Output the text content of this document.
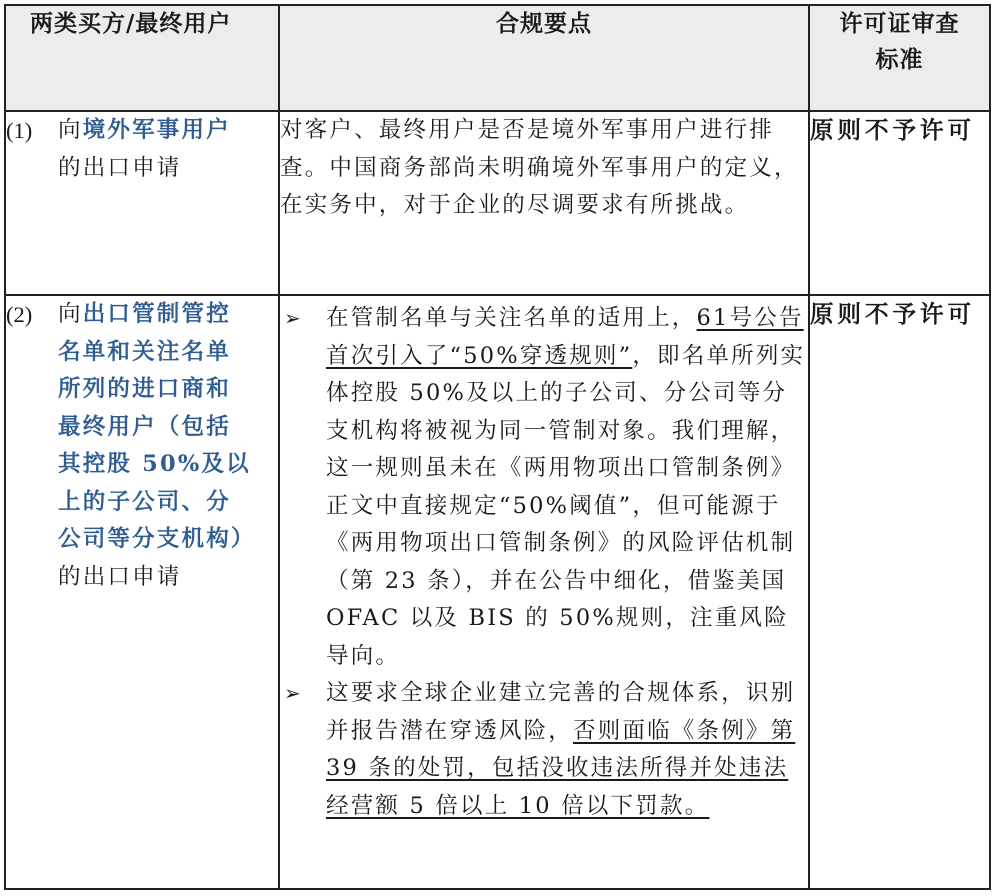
两类买方/最终用户	合规要点	许可证审查
标准

(1) 向境外军事用户的出口申请	对客户、最终用户是否是境外军事用户进行排查。中国商务部尚未明确境外军事用户的定义，在实务中，对于企业的尽调要求有所挑战。	原则不予许可

(2) 向出口管制管控名单和关注名单所列的进口商和最终用户（包括其控股 50%及以上的子公司、分公司等分支机构）的出口申请	➢ 在管制名单与关注名单的适用上，61号公告首次引入了“50%穿透规则”，即名单所列实体控股 50%及以上的子公司、分公司等分支机构将被视为同一管制对象。我们理解，这一规则虽未在《两用物项出口管制条例》正文中直接规定“50%阈值”，但可能源于《两用物项出口管制条例》的风险评估机制（第 23 条），并在公告中细化，借鉴美国 OFAC 以及 BIS 的 50%规则，注重风险导向。
➢ 这要求全球企业建立完善的合规体系，识别并报告潜在穿透风险，否则面临《条例》第 39 条的处罚，包括没收违法所得并处违法经营额 5 倍以上 10 倍以下罚款。	原则不予许可
